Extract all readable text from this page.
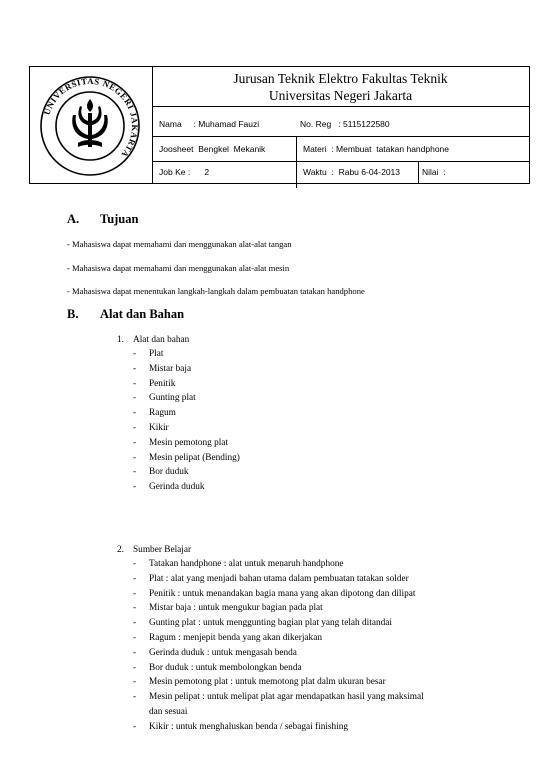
UNIVERSITAS NEGERI JAKARTA
Jurusan Teknik Elektro Fakultas Teknik
Universitas Negeri Jakarta
Nama     : Muhamad Fauzi	No. Reg   : 5115122580
Joosheet  Bengkel  Mekanik	Materi  : Membuat  tatakan handphone
Job Ke :      2	Waktu  :  Rabu 6-04-2013	Nilai  :
A. Tujuan

- Mahasiswa dapat memahami dan menggunakan alat-alat tangan

- Mahasiswa dapat memahami dan menggunakan alat-alat mesin

- Mahasiswa dapat menentukan langkah-langkah dalam pembuatan tatakan handphone

B. Alat dan Bahan
1. Alat dan bahan
- Plat
- Mistar baja
- Penitik
- Gunting plat
- Ragum
- Kikir
- Mesin pemotong plat
- Mesin pelipat (Bending)
- Bor duduk
- Gerinda duduk
2. Sumber Belajar
- Tatakan handphone : alat untuk menaruh handphone
- Plat : alat yang menjadi bahan utama dalam pembuatan tatakan solder
- Penitik : untuk menandakan bagia mana yang akan dipotong dan dilipat
- Mistar baja : untuk mengukur bagian pada plat
- Gunting plat : untuk menggunting bagian plat yang telah ditandai
- Ragum : menjepit benda yang akan dikerjakan
- Gerinda duduk : untuk mengasah benda
- Bor duduk : untuk membolongkan benda
- Mesin pemotong plat : untuk memotong plat dalm ukuran besar
- Mesin pelipat : untuk melipat plat agar mendapatkan hasil yang maksimal
dan sesuai
- Kikir : untuk menghaluskan benda / sebagai finishing
